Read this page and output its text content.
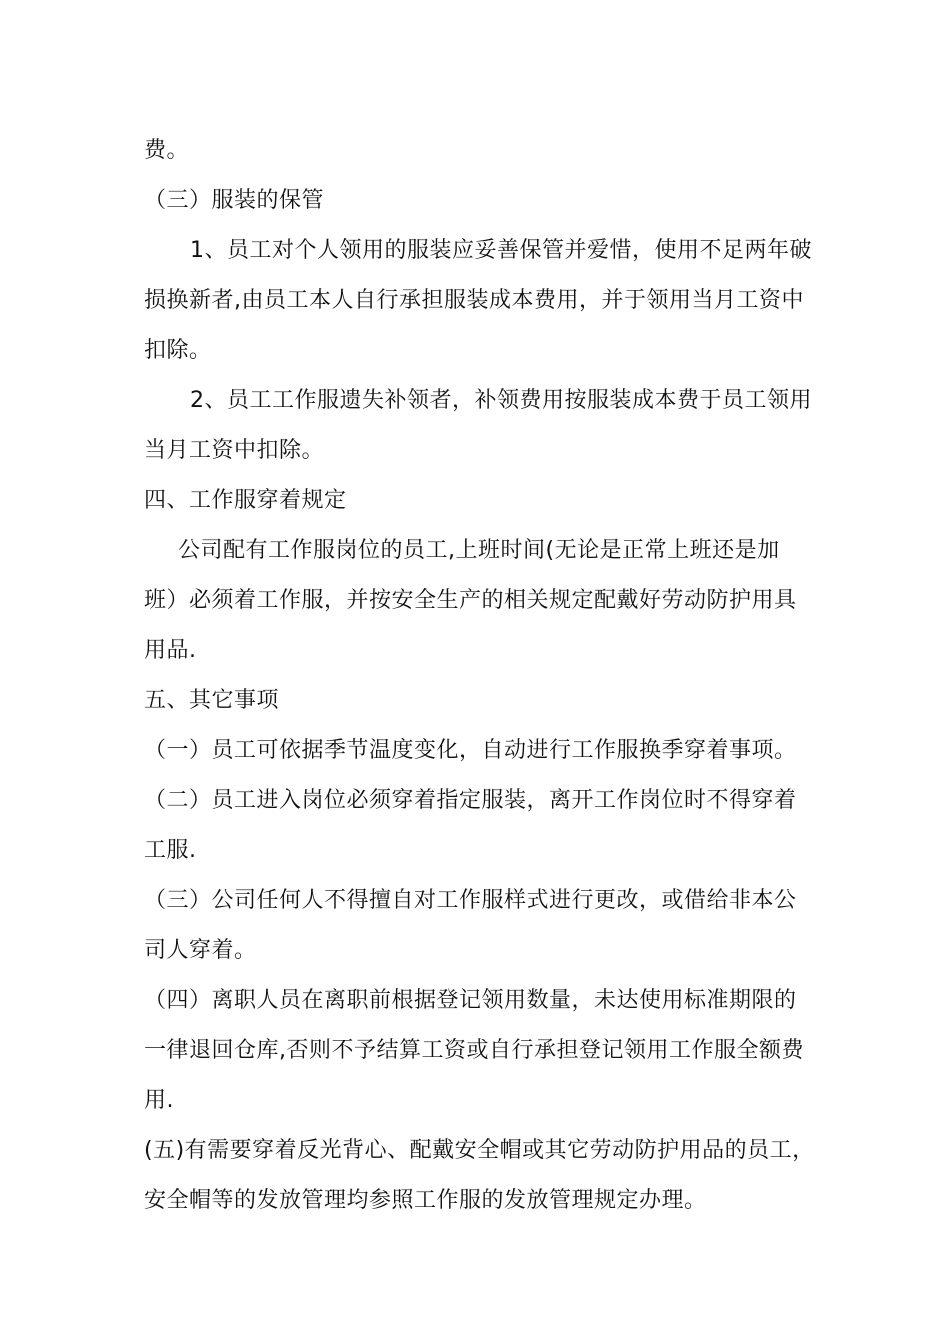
费。
（三）服装的保管
1、员工对个人领用的服装应妥善保管并爱惜，使用不足两年破
损换新者,由员工本人自行承担服装成本费用，并于领用当月工资中
扣除。
2、员工工作服遗失补领者，补领费用按服装成本费于员工领用
当月工资中扣除。
四、工作服穿着规定
公司配有工作服岗位的员工,上班时间(无论是正常上班还是加
班）必须着工作服，并按安全生产的相关规定配戴好劳动防护用具
用品.
五、其它事项
（一）员工可依据季节温度变化，自动进行工作服换季穿着事项。
（二）员工进入岗位必须穿着指定服装，离开工作岗位时不得穿着
工服.
（三）公司任何人不得擅自对工作服样式进行更改，或借给非本公
司人穿着。
（四）离职人员在离职前根据登记领用数量，未达使用标准期限的
一律退回仓库,否则不予结算工资或自行承担登记领用工作服全额费
用.
(五)有需要穿着反光背心、配戴安全帽或其它劳动防护用品的员工，
安全帽等的发放管理均参照工作服的发放管理规定办理。
